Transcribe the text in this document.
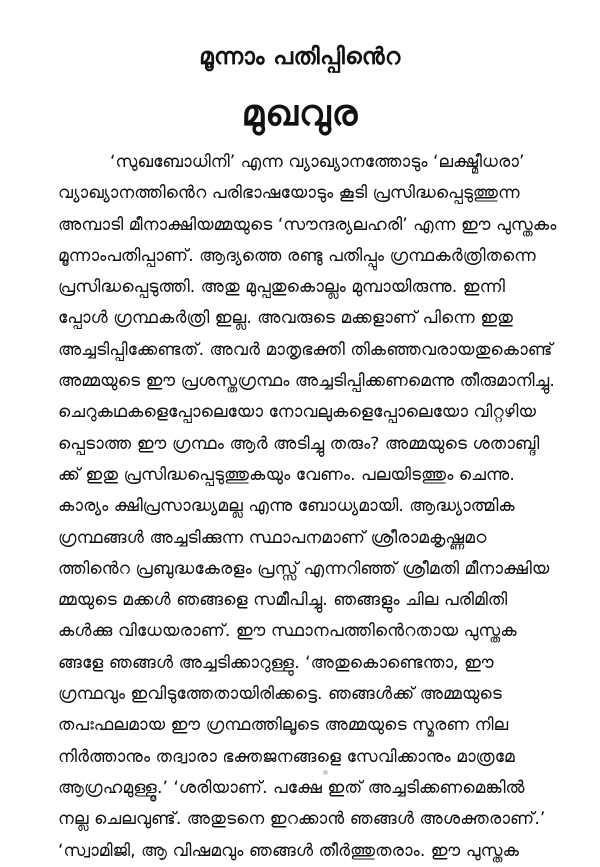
മൂന്നാം പതിപ്പിൻെറ
മുഖവുര
‘സുഖബോധിനി’ എന്ന വ്യാഖ്യാനത്തോടും ‘ലക്ഷ്മീധരാ’
വ്യാഖ്യാനത്തിൻെറ പരിഭാഷയോടും കൂടി പ്രസിദ്ധപ്പെടുത്തുന്ന
അമ്പാടി മീനാക്ഷിയമ്മയുടെ ‘സൗന്ദര്യലഹരി’ എന്ന ഈ പുസ്തകം
മൂന്നാംപതിപ്പാണ്. ആദ്യത്തെ രണ്ടു പതിപ്പും ഗ്രന്ഥകർത്രിതന്നെ
പ്രസിദ്ധപ്പെടുത്തി. അതു മുപ്പതുകൊല്ലം മുമ്പായിരുന്നു. ഇന്നി
പ്പോൾ ഗ്രന്ഥകർത്രി ഇല്ല. അവരുടെ മക്കളാണ് പിന്നെ ഇതു
അച്ചടിപ്പിക്കേണ്ടത്. അവർ മാതൃഭക്തി തികഞ്ഞവരായതുകൊണ്ട്
അമ്മയുടെ ഈ പ്രശസ്തഗ്രന്ഥം അച്ചടിപ്പിക്കണമെന്നു തീരുമാനിച്ചു.
ചെറുകഥകളെപ്പോലെയോ നോവലുകളെപ്പോലെയോ വിറ്റഴിയ
പ്പെടാത്ത ഈ ഗ്രന്ഥം ആർ അടിച്ചു തരും? അമ്മയുടെ ശതാബ്ദി
ക്ക് ഇതു പ്രസിദ്ധപ്പെടുത്തുകയും വേണം. പലയിടത്തും ചെന്നു.
കാര്യം ക്ഷിപ്രസാദ്ധ്യമല്ല എന്നു ബോധ്യമായി. ആദ്ധ്യാത്മിക
ഗ്രന്ഥങ്ങൾ അച്ചടിക്കുന്ന സ്ഥാപനമാണ് ശ്രീരാമകൃഷ്ണമഠ
ത്തിൻെറ പ്രബുദ്ധകേരളം പ്രസ്സ് എന്നറിഞ്ഞ് ശ്രീമതി മീനാക്ഷിയ
മ്മയുടെ മക്കൾ ഞങ്ങളെ സമീപിച്ചു. ഞങ്ങളും ചില പരിമിതി
കൾക്കു വിധേയരാണ്. ഈ സ്ഥാനപത്തിൻെറതായ പുസ്തക
ങ്ങളേ ഞങ്ങൾ അച്ചടിക്കാറുള്ളു. ‘അതുകൊണ്ടെന്താ, ഈ
ഗ്രന്ഥവും ഇവിടുത്തേതായിരിക്കട്ടെ. ഞങ്ങൾക്ക് അമ്മയുടെ
തപഃഫലമായ ഈ ഗ്രന്ഥത്തിലൂടെ അമ്മയുടെ സ്മരണ നില
നിർത്താനും തദ്വാരാ ഭക്തജനങ്ങളെ സേവിക്കാനും മാത്രമേ
ആഗ്രഹമുള്ളൂ.’ ‘ശരിയാണ്. പക്ഷേ ഇത് അച്ചടിക്കണമെങ്കിൽ
നല്ല ചെലവുണ്ട്. അതുടനെ ഇറക്കാൻ ഞങ്ങൾ അശക്തരാണ്.’
‘സ്വാമിജി, ആ വിഷമവും ഞങ്ങൾ തീർത്തുതരാം. ഈ പുസ്തക
